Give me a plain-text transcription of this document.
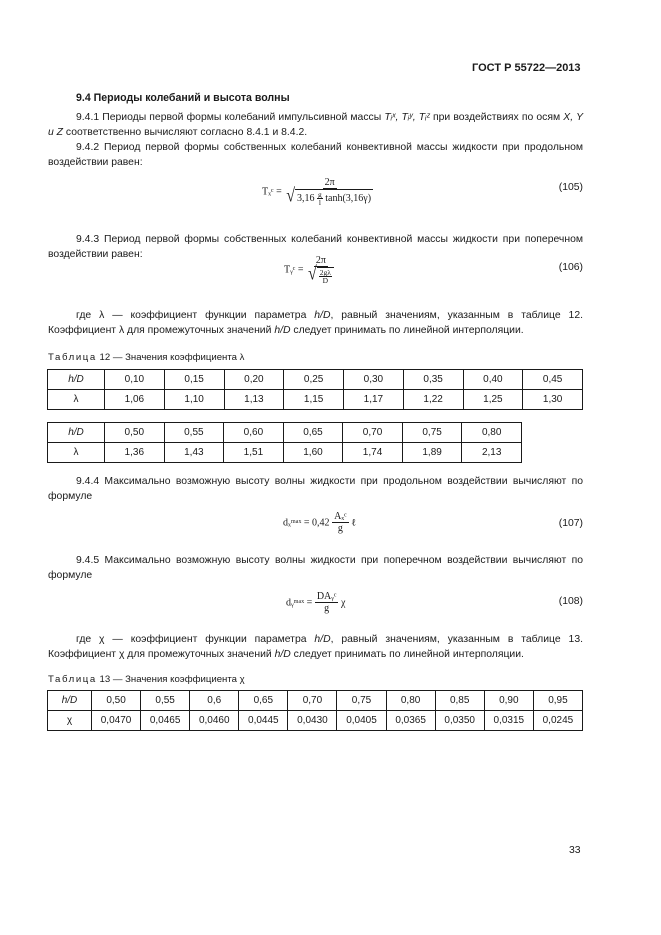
ГОСТ Р 55722—2013
9.4 Периоды колебаний и высота волны
9.4.1 Периоды первой формы колебаний импульсивной массы Tᵢˣ, Tᵢʸ, Tᵢᶻ при воздействиях по осям X, Y и Z соответственно вычисляют согласно 8.4.1 и 8.4.2.
9.4.2 Период первой формы собственных колебаний конвективной массы жидкости при продольном воздействии равен:
Tₓᶜ = 2π
√ 3,16
$\frac{g}{l}$
tanh(3,16γ)	(105)
9.4.3 Период первой формы собственных колебаний конвективной массы жидкости при поперечном воздействии равен:
Tᵧᶜ = $\frac{2\pi}{√ \frac{2g\lambda}{D}}$	(106)
где λ — коэффициент функции параметра h/D, равный значениям, указанным в таблице 12. Коэффициент λ для промежуточных значений h/D следует принимать по линейной интерполяции.
Таблица 12 — Значения коэффициента λ
h/D	0,10	0,15	0,20	0,25	0,30	0,35	0,40	0,45
λ	1,06	1,10	1,13	1,15	1,17	1,22	1,25	1,30
h/D	0,50	0,55	0,60	0,65	0,70	0,75	0,80
λ	1,36	1,43	1,51	1,60	1,74	1,89	2,13
9.4.4 Максимально возможную высоту волны жидкости при продольном воздействии вычисляют по формуле
dₓᵐᵃˣ = $0,42 \frac{\text{Aₓᶜ}}{g}$ ℓ	(107)
9.4.5 Максимально возможную высоту волны жидкости при поперечном воздействии вычисляют по формуле
dᵧᵐᵃˣ = $\frac{\text{DAᵧᶜ}}{g}$ χ	(108)
где χ — коэффициент функции параметра h/D, равный значениям, указанным в таблице 13. Коэффициент χ для промежуточных значений h/D следует принимать по линейной интерполяции.
Таблица 13 — Значения коэффициента χ
h/D	0,50	0,55	0,6	0,65	0,70	0,75	0,80	0,85	0,90	0,95
χ	0,0470	0,0465	0,0460	0,0445	0,0430	0,0405	0,0365	0,0350	0,0315	0,0245
33
